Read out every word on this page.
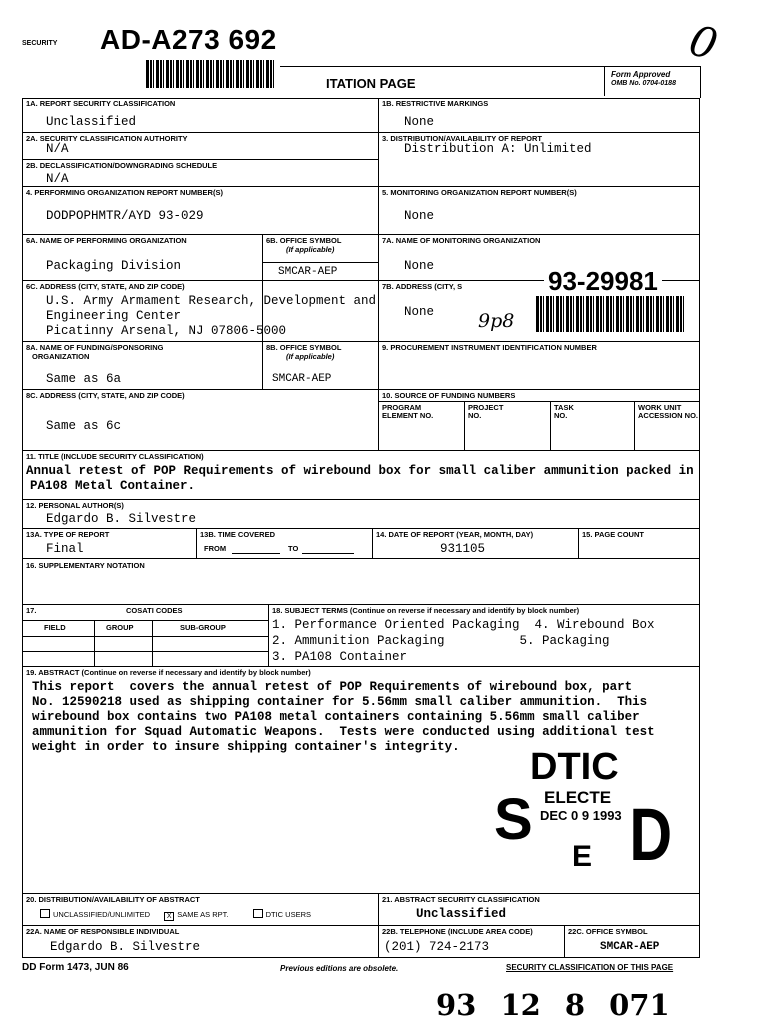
SECURITY AD-A273 692
ITATION PAGE
Form Approved
OMB No. 0704-0188
0
1A. REPORT SECURITY CLASSIFICATION
Unclassified
1B. RESTRICTIVE MARKINGS
None
2A. SECURITY CLASSIFICATION AUTHORITY
N/A
3. DISTRIBUTION/AVAILABILITY OF REPORT
Distribution A: Unlimited
2B. DECLASSIFICATION/DOWNGRADING SCHEDULE
N/A
4. PERFORMING ORGANIZATION REPORT NUMBER(S)
DODPOPHMTR/AYD 93-029
5. MONITORING ORGANIZATION REPORT NUMBER(S)
None
6A. NAME OF PERFORMING ORGANIZATION
Packaging Division
6B. OFFICE SYMBOL
(If applicable)
SMCAR-AEP
7A. NAME OF MONITORING ORGANIZATION
None
6C. ADDRESS (CITY, STATE, AND ZIP CODE)
U.S. Army Armament Research, Development and
Engineering Center
Picatinny Arsenal, NJ 07806-5000
7B. ADDRESS (CITY, S
None
93-29981
9p8
8A. NAME OF FUNDING/SPONSORING
ORGANIZATION
Same as 6a
8B. OFFICE SYMBOL
(If applicable)
SMCAR-AEP
9. PROCUREMENT INSTRUMENT IDENTIFICATION NUMBER
8C. ADDRESS (CITY, STATE, AND ZIP CODE)
Same as 6c
10. SOURCE OF FUNDING NUMBERS
PROGRAM
ELEMENT NO.
PROJECT
NO.
TASK
NO.
WORK UNIT
ACCESSION NO.
11. TITLE (INCLUDE SECURITY CLASSIFICATION)
Annual retest of POP Requirements of wirebound box for small caliber ammunition packed in
PA108 Metal Container.
12. PERSONAL AUTHOR(S)
Edgardo B. Silvestre
13A. TYPE OF REPORT
Final
13B. TIME COVERED
FROM	TO
14. DATE OF REPORT (YEAR, MONTH, DAY)
931105
15. PAGE COUNT
16. SUPPLEMENTARY NOTATION
17.	COSATI CODES
FIELD	GROUP	SUB-GROUP
18. SUBJECT TERMS (Continue on reverse if necessary and identify by block number)
1. Performance Oriented Packaging  4. Wirebound Box
2. Ammunition Packaging          5. Packaging
3. PA108 Container
19. ABSTRACT (Continue on reverse if necessary and identify by block number)
This report  covers the annual retest of POP Requirements of wirebound box, part
No. 12590218 used as shipping container for 5.56mm small caliber ammunition.  This
wirebound box contains two PA108 metal containers containing 5.56mm small caliber
ammunition for Squad Automatic Weapons.  Tests were conducted using additional test
weight in order to insure shipping container's integrity. DTIC
ELECTE
DEC 0 9 1993
S D
E
20. DISTRIBUTION/AVAILABILITY OF ABSTRACT
UNCLASSIFIED/UNLIMITED X SAME AS RPT.	DTIC USERS
21. ABSTRACT SECURITY CLASSIFICATION
Unclassified
22A. NAME OF RESPONSIBLE INDIVIDUAL
Edgardo B. Silvestre
22B. TELEPHONE (INCLUDE AREA CODE)
(201) 724-2173
22C. OFFICE SYMBOL
SMCAR-AEP
DD Form 1473, JUN 86	Previous editions are obsolete.	SECURITY CLASSIFICATION OF THIS PAGE
93 12 8 071
